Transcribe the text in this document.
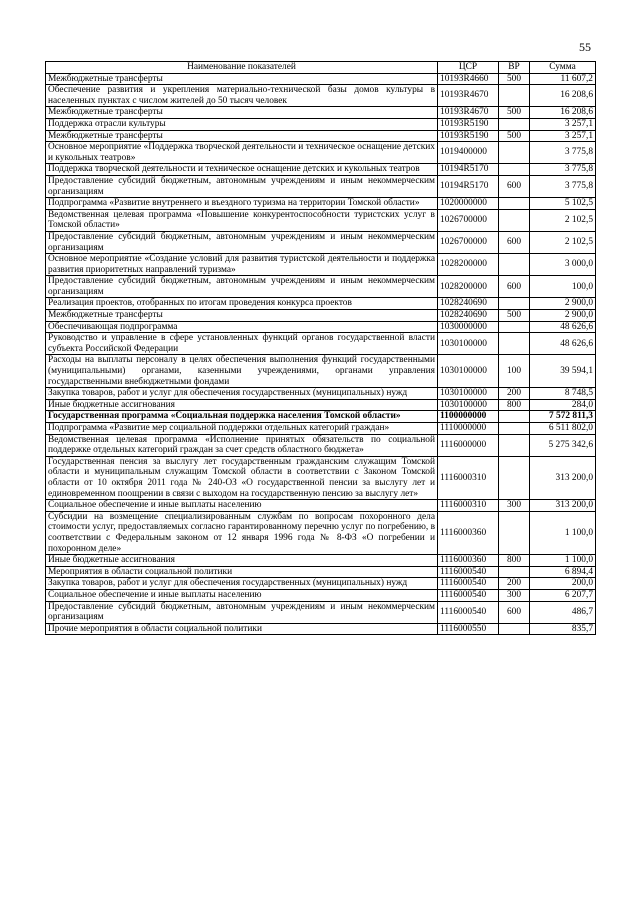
55
Наименование показателей	ЦСР	ВР	Сумма
Межбюджетные трансферты	10193R4660	500	11 607,2
Обеспечение развития и укрепления материально-технической базы домов культуры в населенных пунктах с числом жителей до 50 тысяч человек	10193R4670		16 208,6
Межбюджетные трансферты	10193R4670	500	16 208,6
Поддержка отрасли культуры	10193R5190		3 257,1
Межбюджетные трансферты	10193R5190	500	3 257,1
Основное мероприятие «Поддержка творческой деятельности и техническое оснащение детских и кукольных театров»	1019400000		3 775,8
Поддержка творческой деятельности и техническое оснащение детских и кукольных театров	10194R5170		3 775,8
Предоставление субсидий бюджетным, автономным учреждениям и иным некоммерческим организациям	10194R5170	600	3 775,8
Подпрограмма «Развитие внутреннего и въездного туризма на территории Томской области»	1020000000		5 102,5
Ведомственная целевая программа «Повышение конкурентоспособности туристских услуг в Томской области»	1026700000		2 102,5
Предоставление субсидий бюджетным, автономным учреждениям и иным некоммерческим организациям	1026700000	600	2 102,5
Основное мероприятие «Создание условий для развития туристской деятельности и поддержка развития приоритетных направлений туризма»	1028200000		3 000,0
Предоставление субсидий бюджетным, автономным учреждениям и иным некоммерческим организациям	1028200000	600	100,0
Реализация проектов, отобранных по итогам проведения конкурса проектов	1028240690		2 900,0
Межбюджетные трансферты	1028240690	500	2 900,0
Обеспечивающая подпрограмма	1030000000		48 626,6
Руководство и управление в сфере установленных функций органов государственной власти субъекта Российской Федерации	1030100000		48 626,6
Расходы на выплаты персоналу в целях обеспечения выполнения функций государственными (муниципальными) органами, казенными учреждениями, органами управления государственными внебюджетными фондами	1030100000	100	39 594,1
Закупка товаров, работ и услуг для обеспечения государственных (муниципальных) нужд	1030100000	200	8 748,5
Иные бюджетные ассигнования	1030100000	800	284,0
Государственная программа «Социальная поддержка населения Томской области»	1100000000		7 572 811,3
Подпрограмма «Развитие мер социальной поддержки отдельных категорий граждан»	1110000000		6 511 802,0
Ведомственная целевая программа «Исполнение принятых обязательств по социальной поддержке отдельных категорий граждан за счет средств областного бюджета»	1116000000		5 275 342,6
Государственная пенсия за выслугу лет государственным гражданским служащим Томской области и муниципальным служащим Томской области в соответствии с Законом Томской области от 10 октября 2011 года № 240-ОЗ «О государственной пенсии за выслугу лет и единовременном поощрении в связи с выходом на государственную пенсию за выслугу лет»	1116000310		313 200,0
Социальное обеспечение и иные выплаты населению	1116000310	300	313 200,0
Субсидии на возмещение специализированным службам по вопросам похоронного дела стоимости услуг, предоставляемых согласно гарантированному перечню услуг по погребению, в соответствии с Федеральным законом от 12 января 1996 года № 8-ФЗ «О погребении и похоронном деле»	1116000360		1 100,0
Иные бюджетные ассигнования	1116000360	800	1 100,0
Мероприятия в области социальной политики	1116000540		6 894,4
Закупка товаров, работ и услуг для обеспечения государственных (муниципальных) нужд	1116000540	200	200,0
Социальное обеспечение и иные выплаты населению	1116000540	300	6 207,7
Предоставление субсидий бюджетным, автономным учреждениям и иным некоммерческим организациям	1116000540	600	486,7
Прочие мероприятия в области социальной политики	1116000550		835,7
